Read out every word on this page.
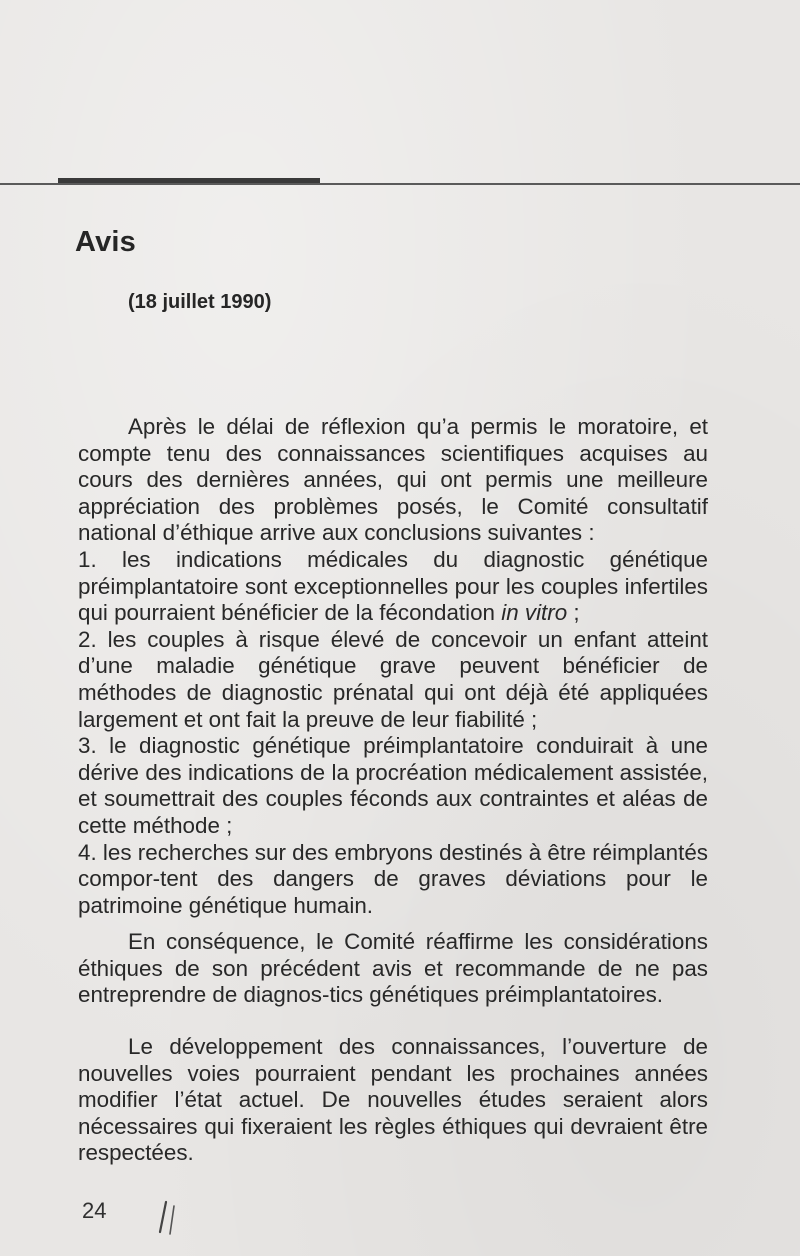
Avis

(18 juillet 1990)

Après le délai de réflexion qu’a permis le moratoire, et compte tenu des connaissances scientifiques acquises au cours des dernières années, qui ont permis une meilleure appréciation des problèmes posés, le Comité consultatif national d’éthique arrive aux conclusions suivantes :

1. les indications médicales du diagnostic génétique préimplantatoire sont exceptionnelles pour les couples infertiles qui pourraient bénéficier de la fécondation in vitro ;

2. les couples à risque élevé de concevoir un enfant atteint d’une maladie génétique grave peuvent bénéficier de méthodes de diagnostic prénatal qui ont déjà été appliquées largement et ont fait la preuve de leur fiabilité ;

3. le diagnostic génétique préimplantatoire conduirait à une dérive des indications de la procréation médicalement assistée, et soumettrait des couples féconds aux contraintes et aléas de cette méthode ;

4. les recherches sur des embryons destinés à être réimplantés compor-tent des dangers de graves déviations pour le patrimoine génétique humain.

En conséquence, le Comité réaffirme les considérations éthiques de son précédent avis et recommande de ne pas entreprendre de diagnos-tics génétiques préimplantatoires.

Le développement des connaissances, l’ouverture de nouvelles voies pourraient pendant les prochaines années modifier l’état actuel. De nouvelles études seraient alors nécessaires qui fixeraient les règles éthiques qui devraient être respectées.

24
